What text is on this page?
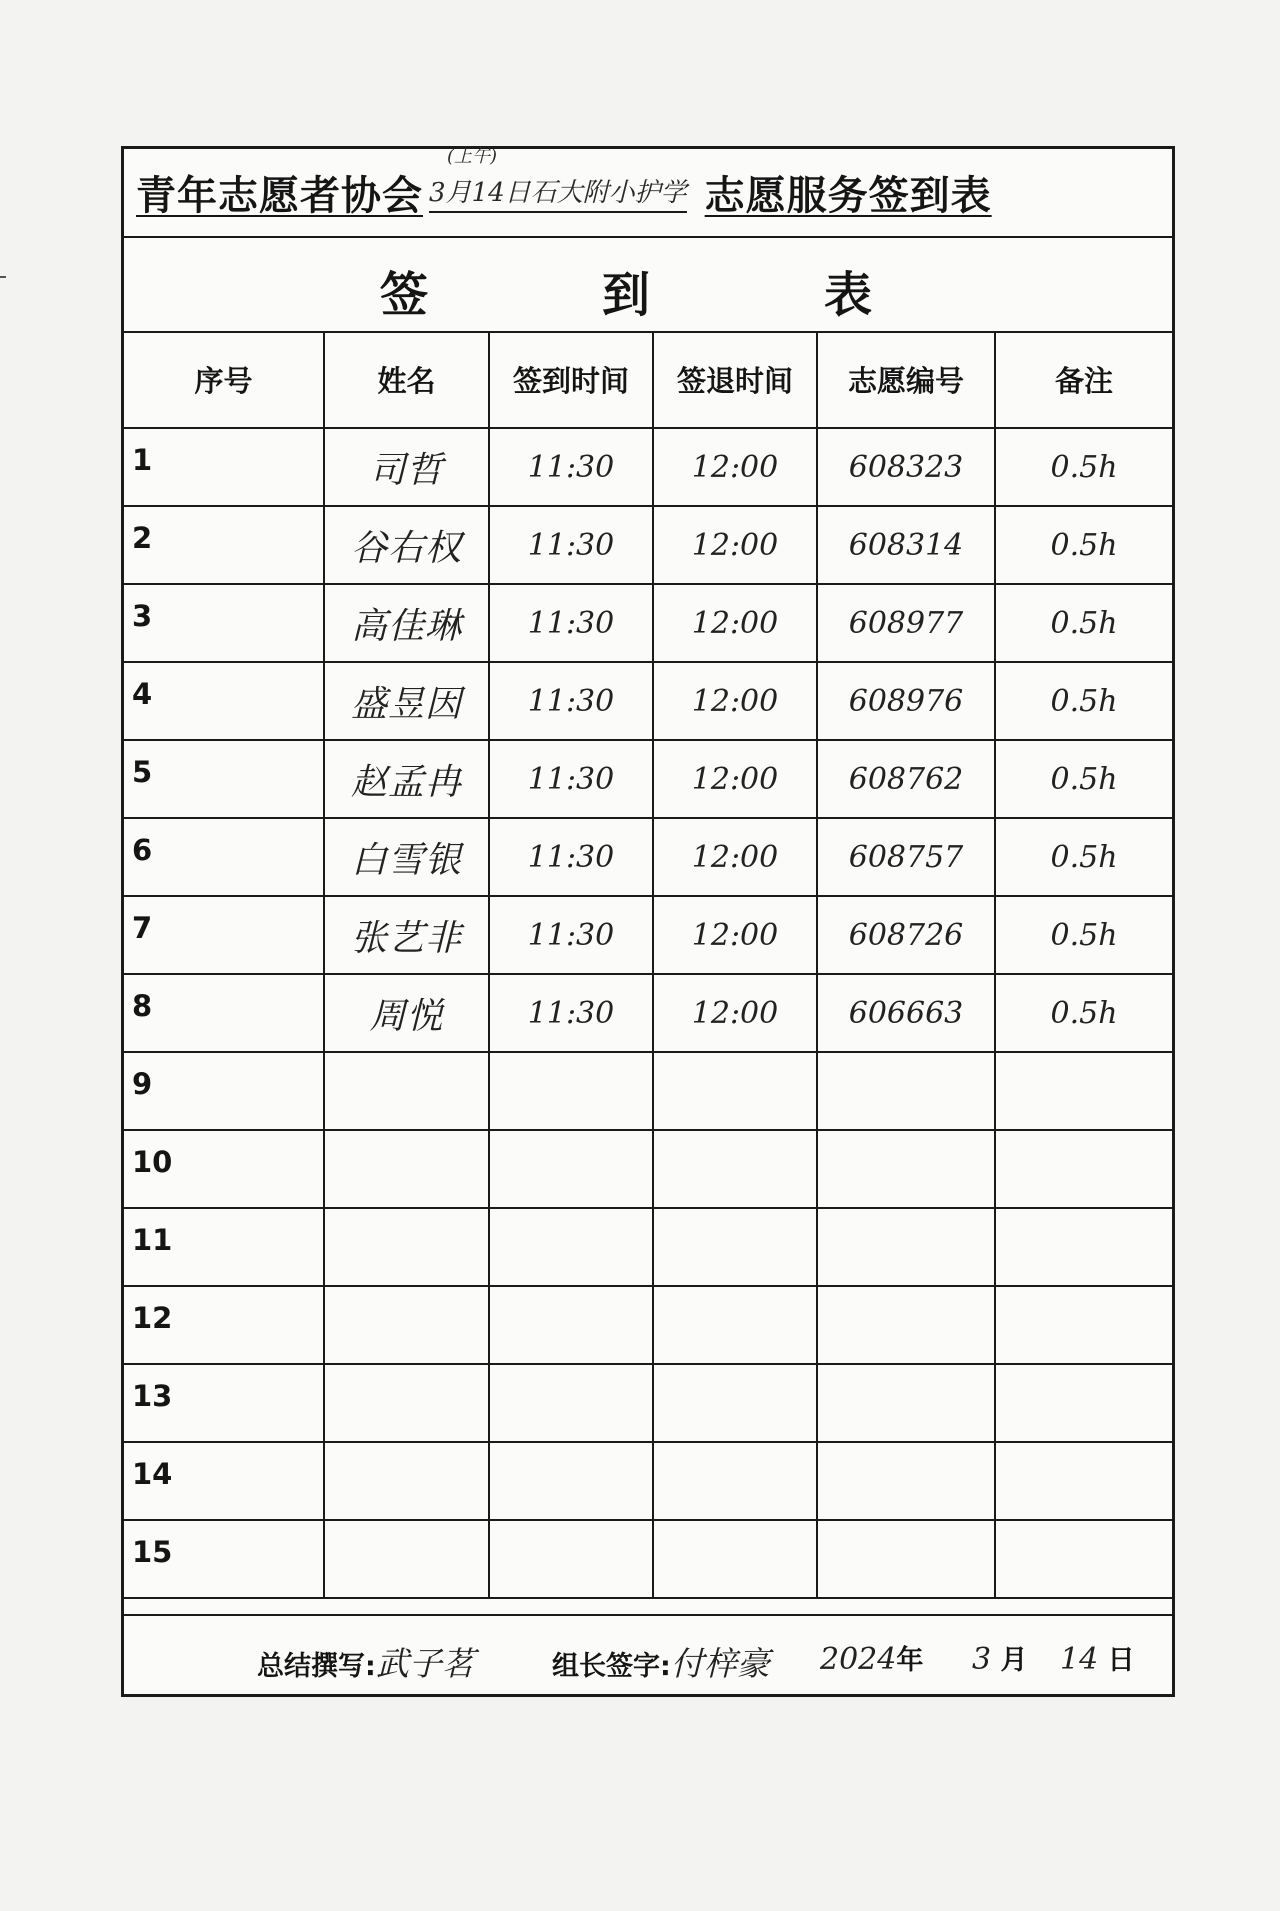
青年志愿者协会
(上午)
3月14日石大附小护学 志愿服务签到表
签	到	表
序号	姓名	签到时间	签退时间	志愿编号	备注
1	司哲	11:30	12:00	608323	0.5h
2	谷右权	11:30	12:00	608314	0.5h
3	高佳琳	11:30	12:00	608977	0.5h
4	盛昱因	11:30	12:00	608976	0.5h
5	赵孟冉	11:30	12:00	608762	0.5h
6	白雪银	11:30	12:00	608757	0.5h
7	张艺非	11:30	12:00	608726	0.5h
8	周悦	11:30	12:00	606663	0.5h
9					
10					
11					
12					
13					
14					
15					
总结撰写:武子茗	组长签字:付梓豪 2024年 3 月 14 日
